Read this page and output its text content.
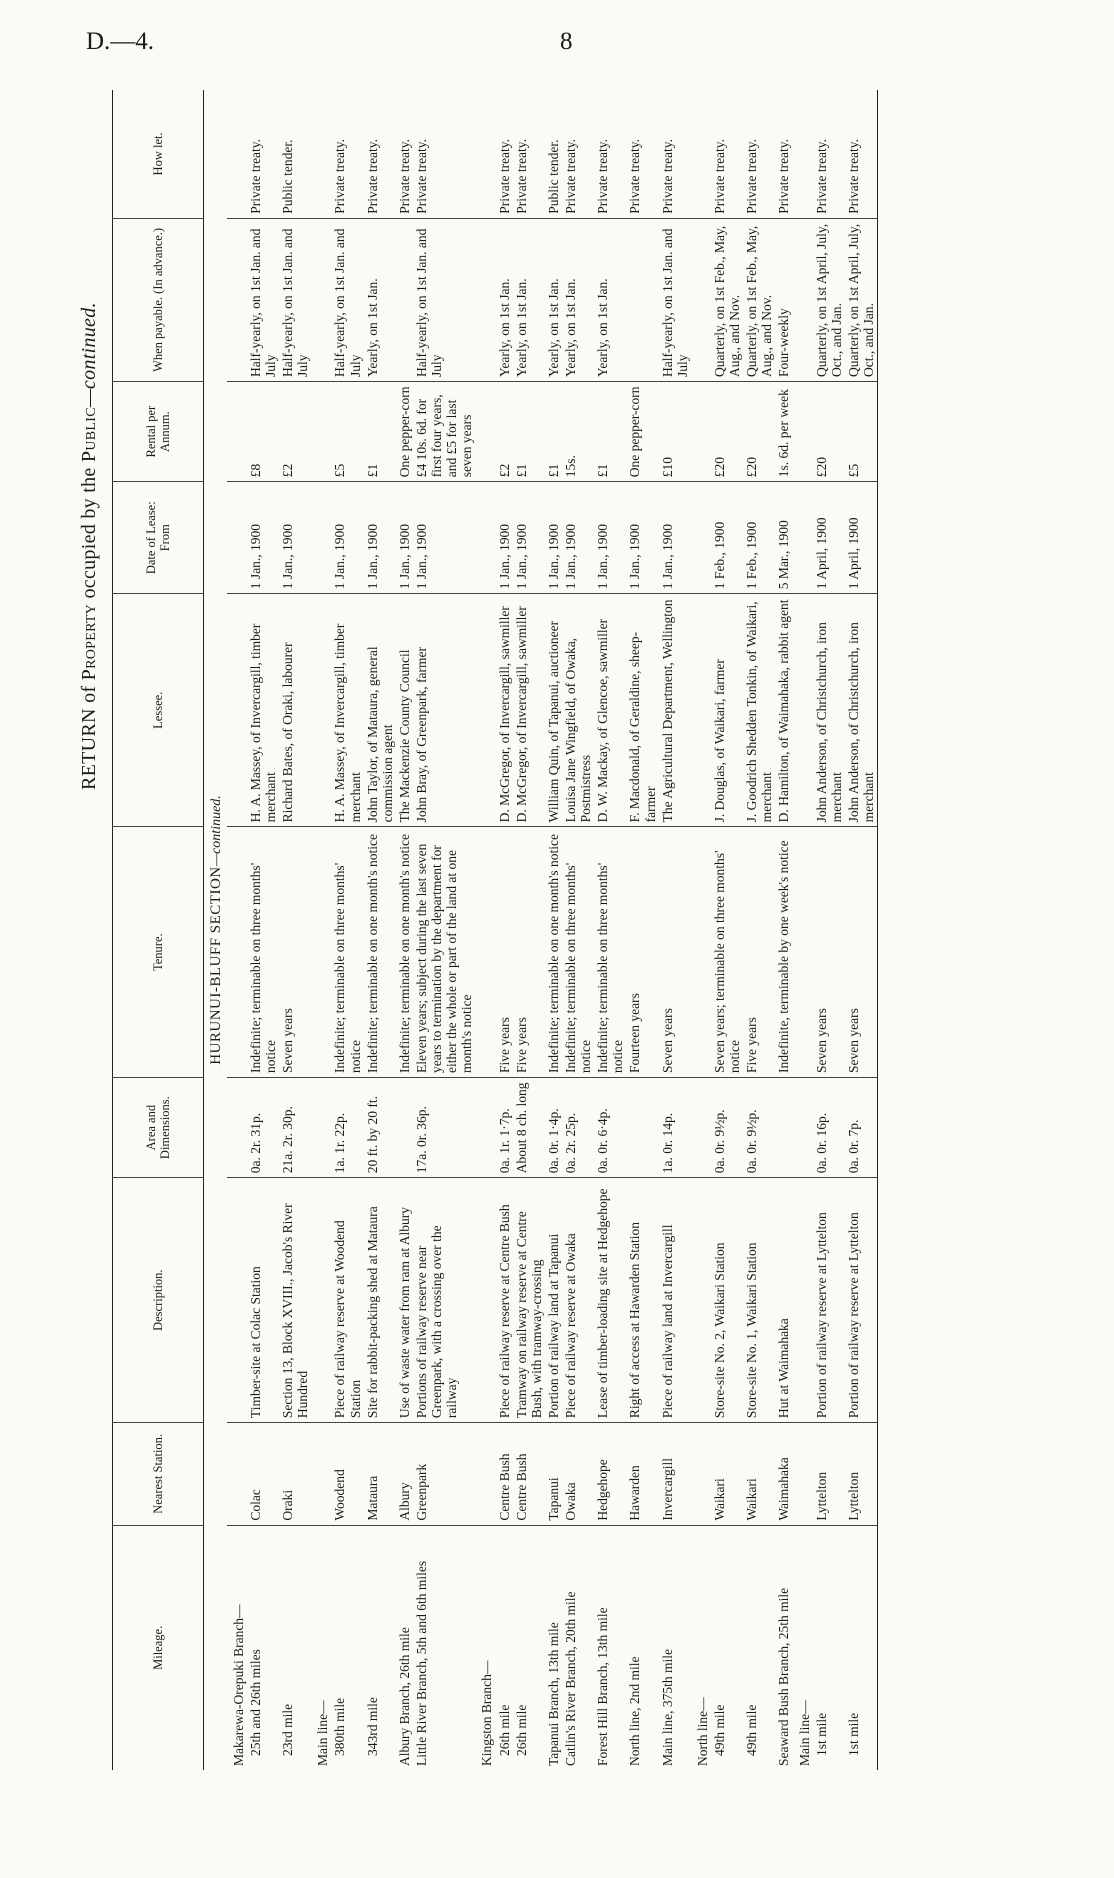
D.—4.	8
RETURN of Property occupied by the Public—continued.
Mileage.	Nearest Station.	Description.	Area and Dimensions.	Tenure.	Lessee.	Date of Lease: From	Rental per Annum.	When payable. (In advance.)	How let.
HURUNUI-BLUFF SECTION—continued.									
Makarewa-Orepuki Branch—									
25th and 26th miles	Colac	Timber-site at Colac Station	0a. 2r. 31p.	Indefinite; terminable on three months' notice	H. A. Massey, of Invercargill, timber merchant	1 Jan., 1900	£8	Half-yearly, on 1st Jan. and July	Private treaty.
23rd mile	Oraki	Section 13, Block XVIII., Jacob's River Hundred	21a. 2r. 30p.	Seven years	Richard Bates, of Oraki, labourer	1 Jan., 1900	£2	Half-yearly, on 1st Jan. and July	Public tender.
Main line—									
380th mile	Woodend	Piece of railway reserve at Woodend Station	1a. 1r. 22p.	Indefinite; terminable on three months' notice	H. A. Massey, of Invercargill, timber merchant	1 Jan., 1900	£5	Half-yearly, on 1st Jan. and July	Private treaty.
343rd mile	Mataura	Site for rabbit-packing shed at Mataura	20 ft. by 20 ft.	Indefinite; terminable on one month's notice	John Taylor, of Mataura, general commission agent	1 Jan., 1900	£1	Yearly, on 1st Jan.	Private treaty.
Albury Branch, 26th mile	Albury	Use of waste water from ram at Albury		Indefinite; terminable on one month's notice	The Mackenzie County Council	1 Jan., 1900	One pepper-corn		Private treaty.
Little River Branch, 5th and 6th miles	Greenpark	Portions of railway reserve near Greenpark, with a crossing over the railway	17a. 0r. 36p.	Eleven years; subject during the last seven years to termination by the department for either the whole or part of the land at one month's notice	John Bray, of Greenpark, farmer	1 Jan., 1900	£4 10s. 6d. for first four years, and £5 for last seven years	Half-yearly, on 1st Jan. and July	Private treaty.
Kingston Branch—									
26th mile	Centre Bush	Piece of railway reserve at Centre Bush	0a. 1r. 1·7p.	Five years	D. McGregor, of Invercargill, sawmiller	1 Jan., 1900	£2	Yearly, on 1st Jan.	Private treaty.
26th mile	Centre Bush	Tramway on railway reserve at Centre Bush, with tramway-crossing	About 8 ch. long	Five years	D. McGregor, of Invercargill, sawmiller	1 Jan., 1900	£1	Yearly, on 1st Jan.	Private treaty.
Tapanui Branch, 13th mile	Tapanui	Portion of railway land at Tapanui	0a. 0r. 1·4p.	Indefinite; terminable on one month's notice	William Quin, of Tapanui, auctioneer	1 Jan., 1900	£1	Yearly, on 1st Jan.	Public tender.
Catlin's River Branch, 20th mile	Owaka	Piece of railway reserve at Owaka	0a. 2r. 25p.	Indefinite; terminable on three months' notice	Louisa Jane Wingfield, of Owaka, Postmistress	1 Jan., 1900	15s.	Yearly, on 1st Jan.	Private treaty.
Forest Hill Branch, 13th mile	Hedgehope	Lease of timber-loading site at Hedgehope	0a. 0r. 6·4p.	Indefinite; terminable on three months' notice	D. W. Mackay, of Glencoe, sawmiller	1 Jan., 1900	£1	Yearly, on 1st Jan.	Private treaty.
North line, 2nd mile	Hawarden	Right of access at Hawarden Station		Fourteen years	F. Macdonald, of Geraldine, sheep-farmer	1 Jan., 1900	One pepper-corn		Private treaty.
Main line, 375th mile	Invercargill	Piece of railway land at Invercargill	1a. 0r. 14p.	Seven years	The Agricultural Department, Wellington	1 Jan., 1900	£10	Half-yearly, on 1st Jan. and July	Private treaty.
North line—									
49th mile	Waikari	Store-site No. 2, Waikari Station	0a. 0r. 9½p.	Seven years; terminable on three months' notice	J. Douglas, of Waikari, farmer	1 Feb., 1900	£20	Quarterly, on 1st Feb., May, Aug., and Nov.	Private treaty.
49th mile	Waikari	Store-site No. 1, Waikari Station	0a. 0r. 9½p.	Five years	J. Goodrich Shedden Tonkin, of Waikari, merchant	1 Feb., 1900	£20	Quarterly, on 1st Feb., May, Aug., and Nov.	Private treaty.
Seaward Bush Branch, 25th mile	Waimahaka	Hut at Waimahaka		Indefinite, terminable by one week's notice	D. Hamilton, of Waimahaka, rabbit agent	5 Mar., 1900	1s. 6d. per week	Four-weekly	Private treaty.
Main line—									
1st mile	Lyttelton	Portion of railway reserve at Lyttelton	0a. 0r. 16p.	Seven years	John Anderson, of Christchurch, iron merchant	1 April, 1900	£20	Quarterly, on 1st April, July, Oct., and Jan.	Private treaty.
1st mile	Lyttelton	Portion of railway reserve at Lyttelton	0a. 0r. 7p.	Seven years	John Anderson, of Christchurch, iron merchant	1 April, 1900	£5	Quarterly, on 1st April, July, Oct., and Jan.	Private treaty.
